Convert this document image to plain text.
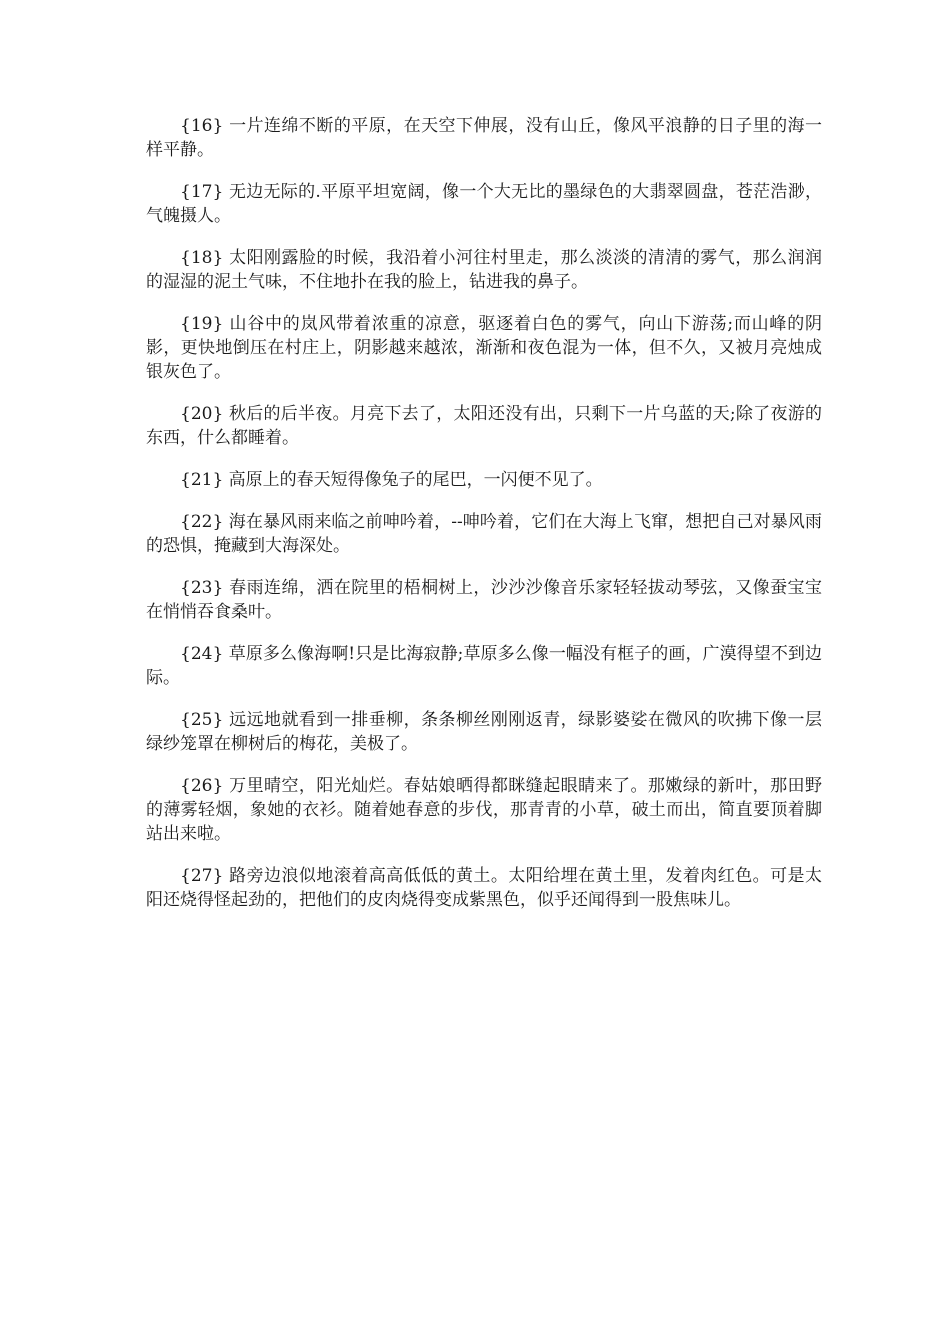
{16} 一片连绵不断的平原，在天空下伸展，没有山丘，像风平浪静的日子里的海一样平静。

{17} 无边无际的.平原平坦宽阔，像一个大无比的墨绿色的大翡翠圆盘，苍茫浩渺，气魄摄人。

{18} 太阳刚露脸的时候，我沿着小河往村里走，那么淡淡的清清的雾气，那么润润的湿湿的泥土气味，不住地扑在我的脸上，钻进我的鼻子。

{19} 山谷中的岚风带着浓重的凉意，驱逐着白色的雾气，向山下游荡;而山峰的阴影，更快地倒压在村庄上，阴影越来越浓，渐渐和夜色混为一体，但不久，又被月亮烛成银灰色了。

{20} 秋后的后半夜。月亮下去了，太阳还没有出，只剩下一片乌蓝的天;除了夜游的东西，什么都睡着。

{21} 高原上的春天短得像兔子的尾巴，一闪便不见了。

{22} 海在暴风雨来临之前呻吟着，--呻吟着，它们在大海上飞窜，想把自己对暴风雨的恐惧，掩藏到大海深处。

{23} 春雨连绵，洒在院里的梧桐树上，沙沙沙像音乐家轻轻拔动琴弦，又像蚕宝宝在悄悄吞食桑叶。

{24} 草原多么像海啊!只是比海寂静;草原多么像一幅没有框子的画，广漠得望不到边际。

{25} 远远地就看到一排垂柳，条条柳丝刚刚返青，绿影婆娑在微风的吹拂下像一层绿纱笼罩在柳树后的梅花，美极了。

{26} 万里晴空，阳光灿烂。春姑娘晒得都眯缝起眼睛来了。那嫩绿的新叶，那田野的薄雾轻烟，象她的衣衫。随着她春意的步伐，那青青的小草，破土而出，简直要顶着脚站出来啦。

{27} 路旁边浪似地滚着高高低低的黄土。太阳给埋在黄土里，发着肉红色。可是太阳还烧得怪起劲的，把他们的皮肉烧得变成紫黑色，似乎还闻得到一股焦味儿。
